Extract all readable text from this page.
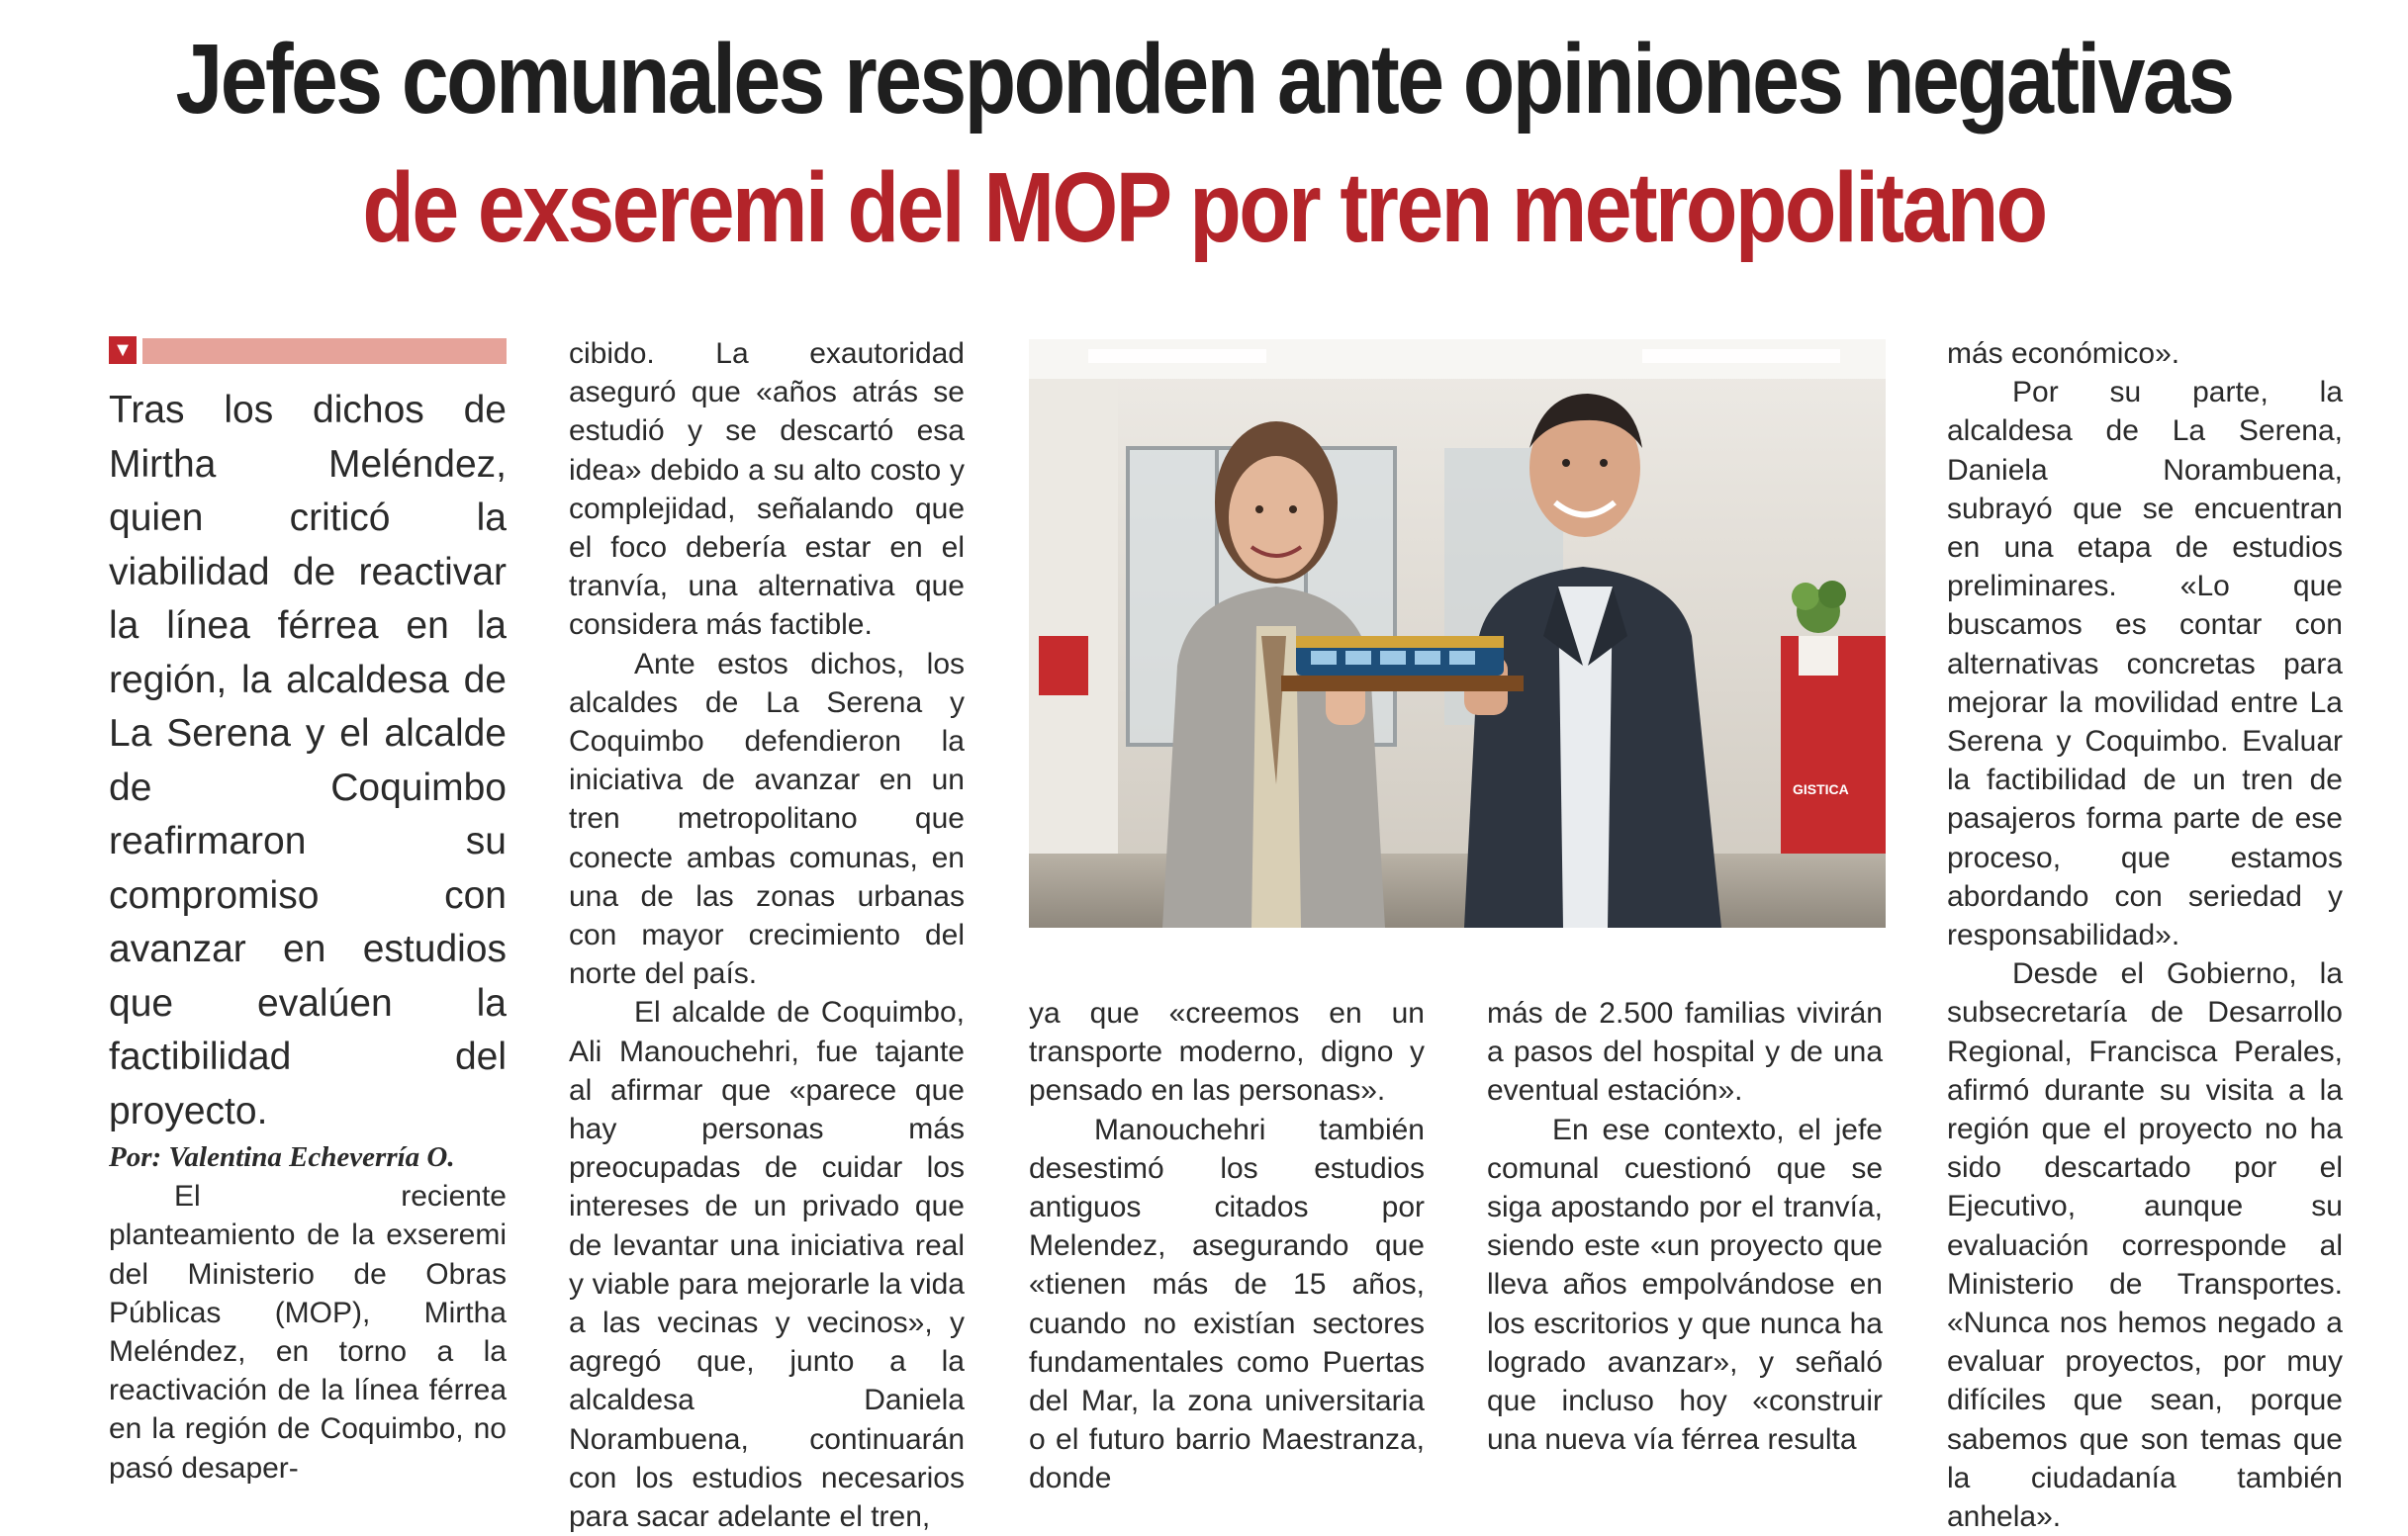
Jefes comunales responden ante opiniones negativas
de exseremi del MOP por tren metropolitano
▼

Tras los dichos de Mirtha Meléndez, quien criticó la viabilidad de reactivar la línea férrea en la región, la alcaldesa de La Serena y el alcalde de Coquimbo reafirmaron su compromiso con avanzar en estudios que evalúen la factibilidad del proyecto.

Por: Valentina Echeverría O.

El reciente planteamiento de la exseremi del Ministerio de Obras Públicas (MOP), Mirtha Meléndez, en torno a la reactivación de la línea férrea en la región de Coquimbo, no pasó desaper-

cibido. La exautoridad aseguró que «años atrás se estudió y se descartó esa idea» debido a su alto costo y complejidad, señalando que el foco debería estar en el tranvía, una alternativa que considera más factible.

Ante estos dichos, los alcaldes de La Serena y Coquimbo defendieron la iniciativa de avanzar en un tren metropolitano que conecte ambas comunas, en una de las zonas urbanas con mayor crecimiento del norte del país.

El alcalde de Coquimbo, Ali Manouchehri, fue tajante al afirmar que «parece que hay personas más preocupadas de cuidar los intereses de un privado que de levantar una iniciativa real y viable para mejorarle la vida a las vecinas y vecinos», y agregó que, junto a la alcaldesa Daniela Norambuena, continuarán con los estudios necesarios para sacar adelante el tren,

GISTICA

ya que «creemos en un transporte moderno, digno y pensado en las personas».

Manouchehri también desestimó los estudios antiguos citados por Melendez, asegurando que «tienen más de 15 años, cuando no existían sectores fundamentales como Puertas del Mar, la zona universitaria o el futuro barrio Maestranza, donde

más de 2.500 familias vivirán a pasos del hospital y de una eventual estación».

En ese contexto, el jefe comunal cuestionó que se siga apostando por el tranvía, siendo este «un proyecto que lleva años empolvándose en los escritorios y que nunca ha logrado avanzar», y señaló que incluso hoy «construir una nueva vía férrea resulta

más económico».

Por su parte, la alcaldesa de La Serena, Daniela Norambuena, subrayó que se encuentran en una etapa de estudios preliminares. «Lo que buscamos es contar con alternativas concretas para mejorar la movilidad entre La Serena y Coquimbo. Evaluar la factibilidad de un tren de pasajeros forma parte de ese proceso, que estamos abordando con seriedad y responsabilidad».

Desde el Gobierno, la subsecretaría de Desarrollo Regional, Francisca Perales, afirmó durante su visita a la región que el proyecto no ha sido descartado por el Ejecutivo, aunque su evaluación corresponde al Ministerio de Transportes. «Nunca nos hemos negado a evaluar proyectos, por muy difíciles que sean, porque sabemos que son temas que la ciudadanía también anhela».
